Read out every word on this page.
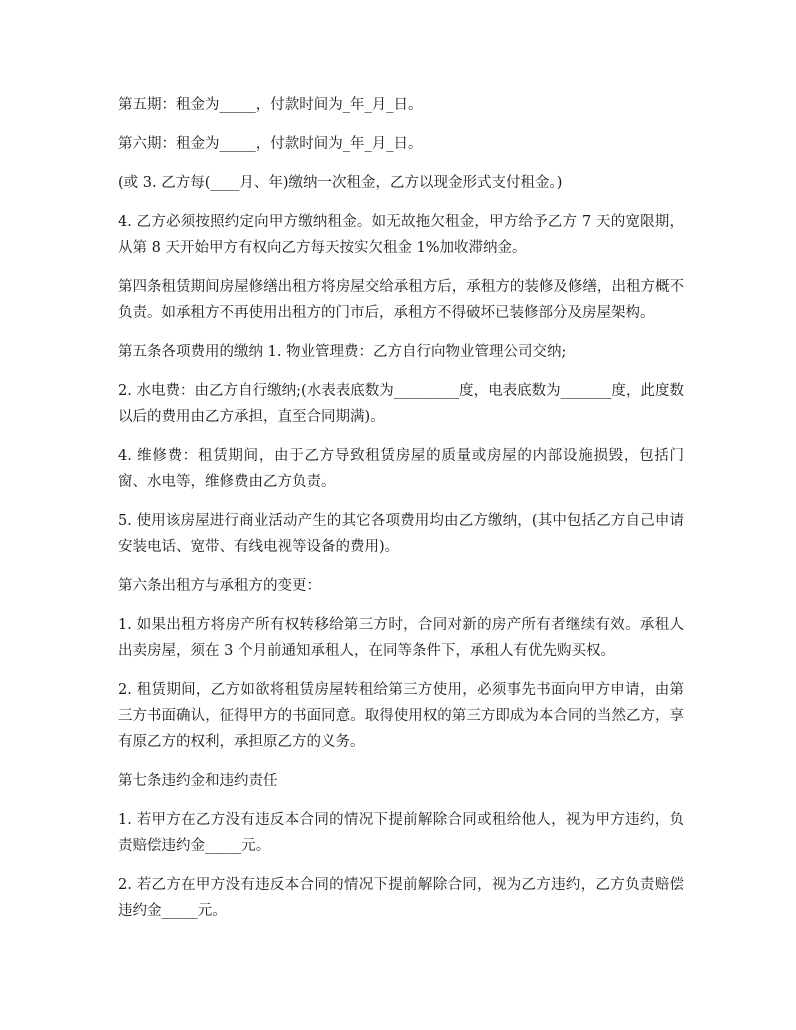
第五期：租金为_____，付款时间为_年_月_日。

第六期：租金为_____，付款时间为_年_月_日。

(或 3. 乙方每(____月、年)缴纳一次租金，乙方以现金形式支付租金。)

4. 乙方必须按照约定向甲方缴纳租金。如无故拖欠租金，甲方给予乙方 7 天的宽限期，从第 8 天开始甲方有权向乙方每天按实欠租金 1%加收滞纳金。

第四条租赁期间房屋修缮出租方将房屋交给承租方后，承租方的装修及修缮，出租方概不负责。如承租方不再使用出租方的门市后，承租方不得破坏已装修部分及房屋架构。

第五条各项费用的缴纳 1. 物业管理费：乙方自行向物业管理公司交纳;

2. 水电费：由乙方自行缴纳;(水表表底数为_________度，电表底数为_______度，此度数以后的费用由乙方承担，直至合同期满)。

4. 维修费：租赁期间，由于乙方导致租赁房屋的质量或房屋的内部设施损毁，包括门窗、水电等，维修费由乙方负责。

5. 使用该房屋进行商业活动产生的其它各项费用均由乙方缴纳，(其中包括乙方自己申请安装电话、宽带、有线电视等设备的费用)。

第六条出租方与承租方的变更：

1. 如果出租方将房产所有权转移给第三方时，合同对新的房产所有者继续有效。承租人出卖房屋，须在 3 个月前通知承租人，在同等条件下，承租人有优先购买权。

2. 租赁期间，乙方如欲将租赁房屋转租给第三方使用，必须事先书面向甲方申请，由第三方书面确认，征得甲方的书面同意。取得使用权的第三方即成为本合同的当然乙方，享有原乙方的权利，承担原乙方的义务。

第七条违约金和违约责任

1. 若甲方在乙方没有违反本合同的情况下提前解除合同或租给他人，视为甲方违约，负责赔偿违约金_____元。

2. 若乙方在甲方没有违反本合同的情况下提前解除合同，视为乙方违约，乙方负责赔偿违约金_____元。
